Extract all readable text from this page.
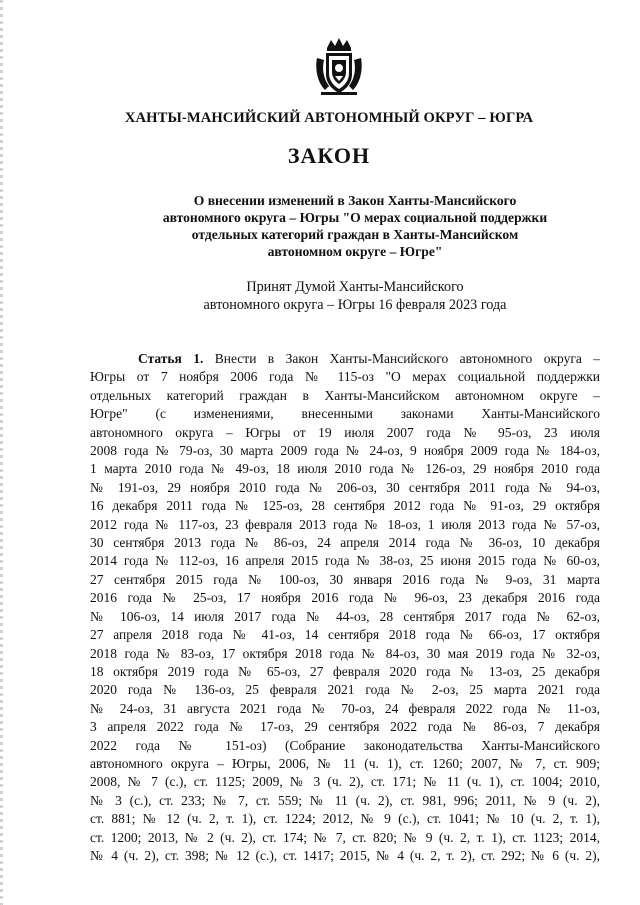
ХАНТЫ-МАНСИЙСКИЙ АВТОНОМНЫЙ ОКРУГ – ЮГРА
ЗАКОН
О внесении изменений в Закон Ханты-Мансийского
автономного округа – Югры "О мерах социальной поддержки
отдельных категорий граждан в Ханты-Мансийском
автономном округе – Югре"
Принят Думой Ханты-Мансийского
автономного округа – Югры 16 февраля 2023 года
Статья 1. Внести в Закон Ханты-Мансийского автономного округа –
Югры от 7 ноября 2006 года № 115-оз "О мерах социальной поддержки
отдельных категорий граждан в Ханты-Мансийском автономном округе –
Югре" (с изменениями, внесенными законами Ханты-Мансийского
автономного округа – Югры от 19 июля 2007 года № 95-оз, 23 июля
2008 года № 79-оз, 30 марта 2009 года № 24-оз, 9 ноября 2009 года № 184-оз,
1 марта 2010 года № 49-оз, 18 июля 2010 года № 126-оз, 29 ноября 2010 года
№ 191-оз, 29 ноября 2010 года № 206-оз, 30 сентября 2011 года № 94-оз,
16 декабря 2011 года № 125-оз, 28 сентября 2012 года № 91-оз, 29 октября
2012 года № 117-оз, 23 февраля 2013 года № 18-оз, 1 июля 2013 года № 57-оз,
30 сентября 2013 года № 86-оз, 24 апреля 2014 года № 36-оз, 10 декабря
2014 года № 112-оз, 16 апреля 2015 года № 38-оз, 25 июня 2015 года № 60-оз,
27 сентября 2015 года № 100-оз, 30 января 2016 года № 9-оз, 31 марта
2016 года № 25-оз, 17 ноября 2016 года № 96-оз, 23 декабря 2016 года
№ 106-оз, 14 июля 2017 года № 44-оз, 28 сентября 2017 года № 62-оз,
27 апреля 2018 года № 41-оз, 14 сентября 2018 года № 66-оз, 17 октября
2018 года № 83-оз, 17 октября 2018 года № 84-оз, 30 мая 2019 года № 32-оз,
18 октября 2019 года № 65-оз, 27 февраля 2020 года № 13-оз, 25 декабря
2020 года № 136-оз, 25 февраля 2021 года № 2-оз, 25 марта 2021 года
№ 24-оз, 31 августа 2021 года № 70-оз, 24 февраля 2022 года № 11-оз,
3 апреля 2022 года № 17-оз, 29 сентября 2022 года № 86-оз, 7 декабря
2022 года № 151-оз) (Собрание законодательства Ханты-Мансийского
автономного округа – Югры, 2006, № 11 (ч. 1), ст. 1260; 2007, № 7, ст. 909;
2008, № 7 (с.), ст. 1125; 2009, № 3 (ч. 2), ст. 171; № 11 (ч. 1), ст. 1004; 2010,
№ 3 (с.), ст. 233; № 7, ст. 559; № 11 (ч. 2), ст. 981, 996; 2011, № 9 (ч. 2),
ст. 881; № 12 (ч. 2, т. 1), ст. 1224; 2012, № 9 (с.), ст. 1041; № 10 (ч. 2, т. 1),
ст. 1200; 2013, № 2 (ч. 2), ст. 174; № 7, ст. 820; № 9 (ч. 2, т. 1), ст. 1123; 2014,
№ 4 (ч. 2), ст. 398; № 12 (с.), ст. 1417; 2015, № 4 (ч. 2, т. 2), ст. 292; № 6 (ч. 2),
